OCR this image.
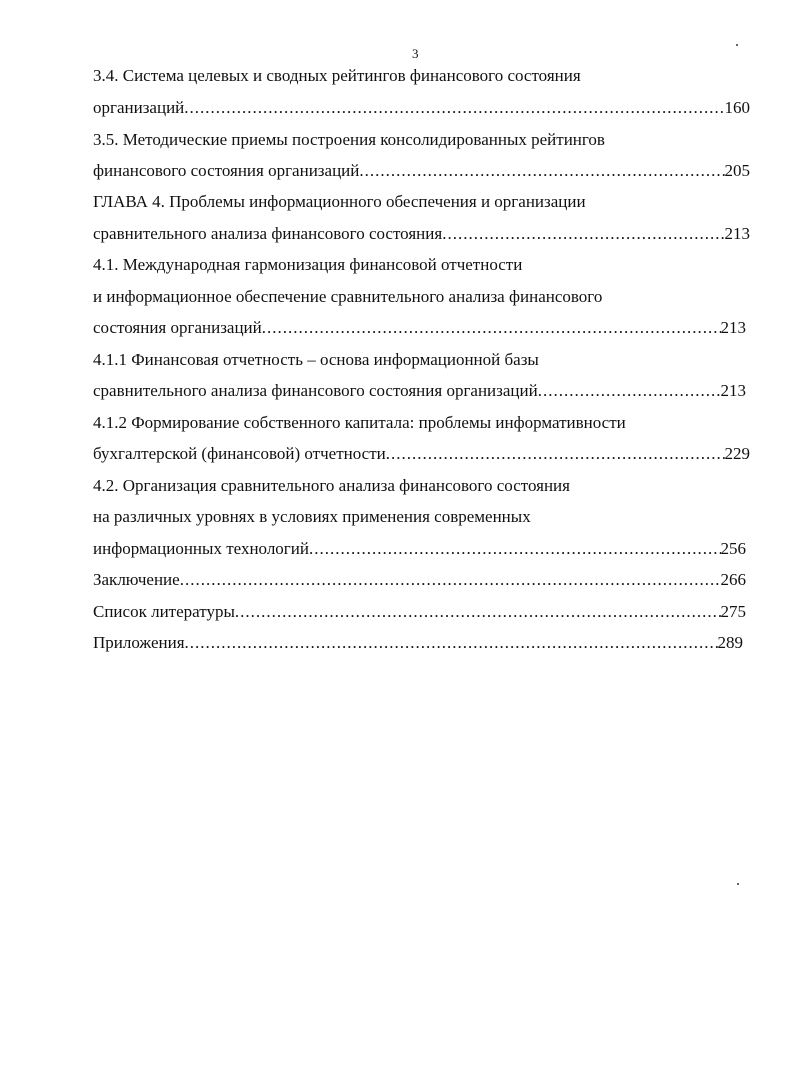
3
3.4. Система целевых и сводных рейтингов финансового состояния
организаций .....	160
3.5. Методические приемы построения консолидированных рейтингов
финансового состояния организаций .....	205
ГЛАВА 4. Проблемы информационного обеспечения и организации
сравнительного анализа финансового состояния .....	213
4.1. Международная гармонизация финансовой отчетности
и информационное обеспечение сравнительного анализа финансового
состояния организаций .....	213
4.1.1 Финансовая отчетность – основа информационной базы
сравнительного анализа финансового состояния организаций .....	213
4.1.2 Формирование собственного капитала: проблемы информативности
бухгалтерской (финансовой) отчетности .....	229
4.2. Организация сравнительного анализа финансового состояния
на различных уровнях в условиях применения современных
информационных технологий .....	256
Заключение .....	266
Список литературы .....	275
Приложения .....	289
